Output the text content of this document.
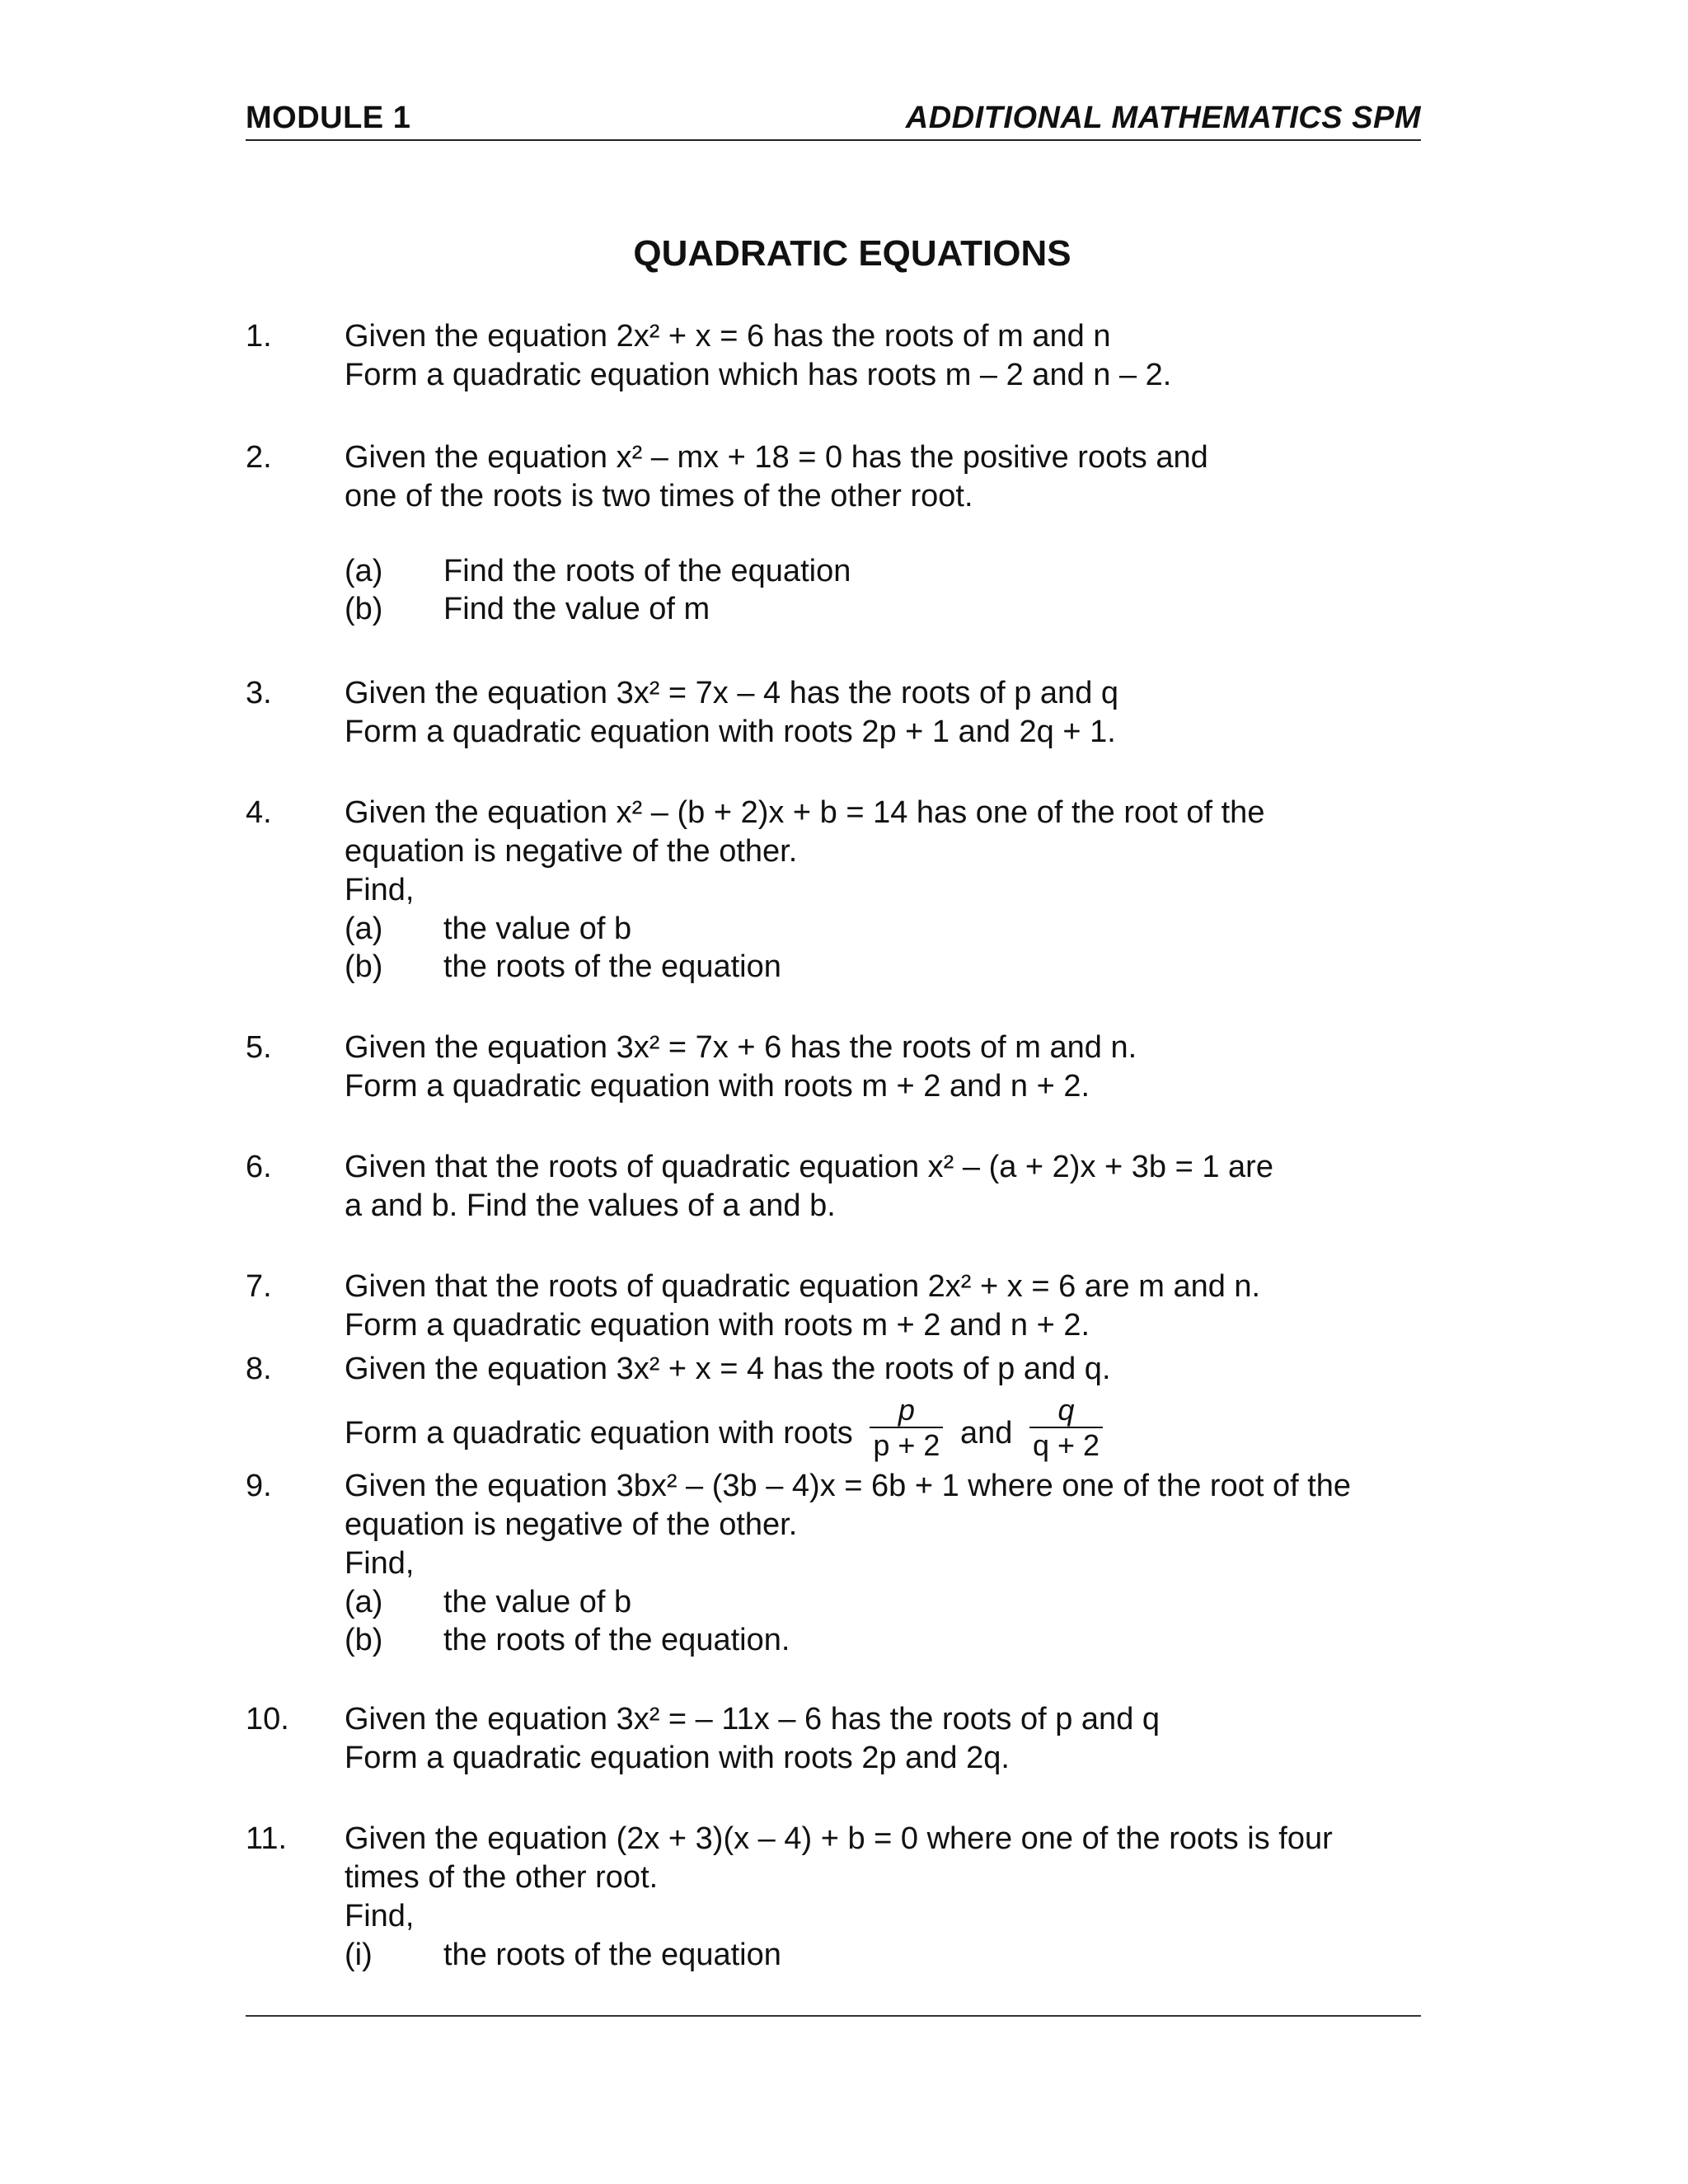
MODULE 1	ADDITIONAL MATHEMATICS SPM
QUADRATIC EQUATIONS
1. Given the equation 2x² + x = 6 has the roots of m and n
Form a quadratic equation which has roots m – 2 and n – 2.
2. Given the equation x² – mx + 18 = 0 has the positive roots and
one of the roots is two times of the other root.
(a) Find the roots of the equation
(b) Find the value of m
3. Given the equation 3x² = 7x – 4 has the roots of p and q
Form a quadratic equation with roots 2p + 1 and 2q + 1.
4. Given the equation x² – (b + 2)x + b = 14 has one of the root of the
equation is negative of the other.
Find,
(a) the value of b
(b) the roots of the equation
5. Given the equation 3x² = 7x + 6 has the roots of m and n.
Form a quadratic equation with roots m + 2 and n + 2.
6. Given that the roots of quadratic equation x² – (a + 2)x + 3b = 1 are
a and b. Find the values of a and b.
7. Given that the roots of quadratic equation 2x² + x = 6 are m and n.
Form a quadratic equation with roots m + 2 and n + 2.
8. Given the equation 3x² + x = 4 has the roots of p and q.
Form a quadratic equation with roots $\frac{p}{p + 2}$ and $\frac{q}{q + 2}$
9. Given the equation 3bx² – (3b – 4)x = 6b + 1 where one of the root of the
equation is negative of the other.
Find,
(a) the value of b
(b) the roots of the equation.
10. Given the equation 3x² = – 11x – 6 has the roots of p and q
Form a quadratic equation with roots 2p and 2q.
11. Given the equation (2x + 3)(x – 4) + b = 0 where one of the roots is four
times of the other root.
Find,
(i) the roots of the equation
